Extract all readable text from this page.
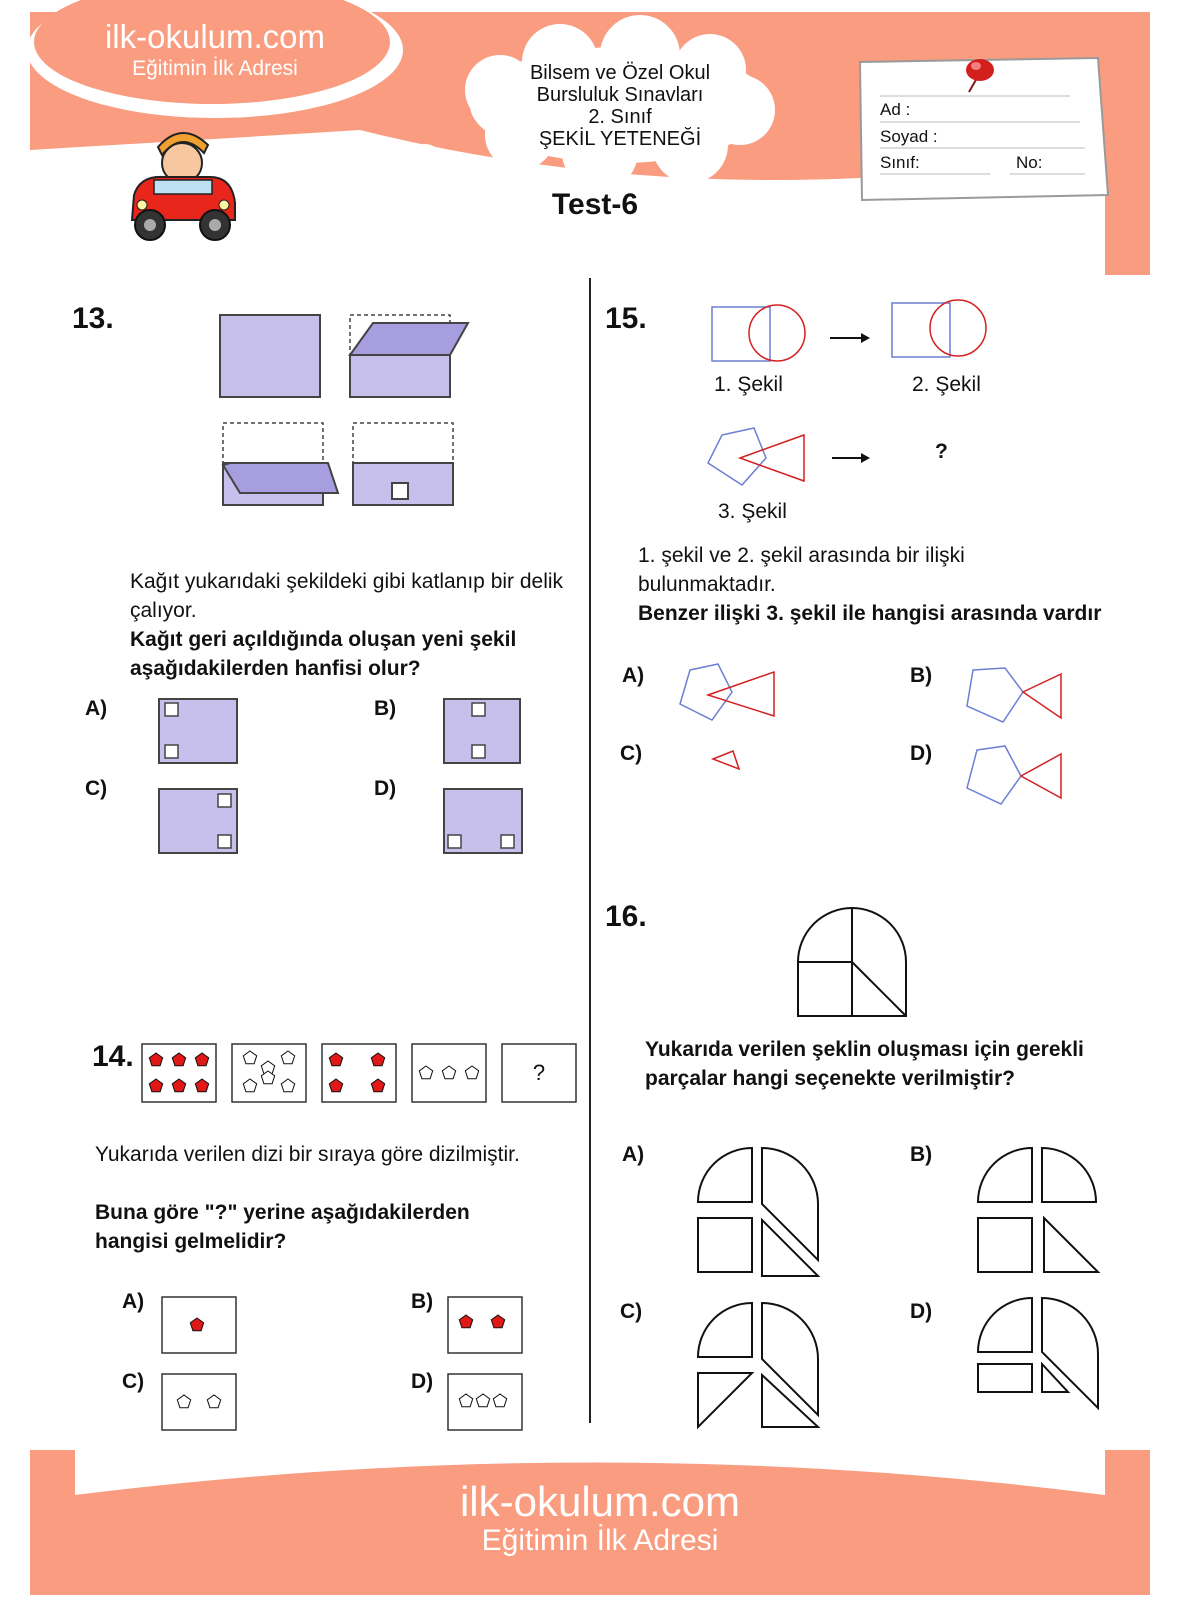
ilk-okulum.com
Eğitimin İlk Adresi	Bilsem ve Özel Okul
Bursluluk Sınavları
2. Sınıf
ŞEKİL YETENEĞİ
Test-6
Ad :
Soyad :
Sınıf:	No:
13.
Kağıt yukarıdaki şekildeki gibi katlanıp bir delik çalıyor.
Kağıt geri açıldığında oluşan yeni şekil aşağıdakilerden hanfisi olur?
A)	B)
C)	D)
14.	?
Yukarıda verilen dizi bir sıraya göre dizilmiştir.
Buna göre "?" yerine aşağıdakilerden hangisi gelmelidir?
A)	B)
C)	D)
15.
1. Şekil	2. Şekil
?
3. Şekil
1. şekil ve 2. şekil arasında bir ilişki bulunmaktadır.
Benzer ilişki 3. şekil ile hangisi arasında vardır
A)	B)
C)	D)
16.
Yukarıda verilen şeklin oluşması için gerekli parçalar hangi seçenekte verilmiştir?
A)	B)
C)	D)
ilk-okulum.com
Eğitimin İlk Adresi
